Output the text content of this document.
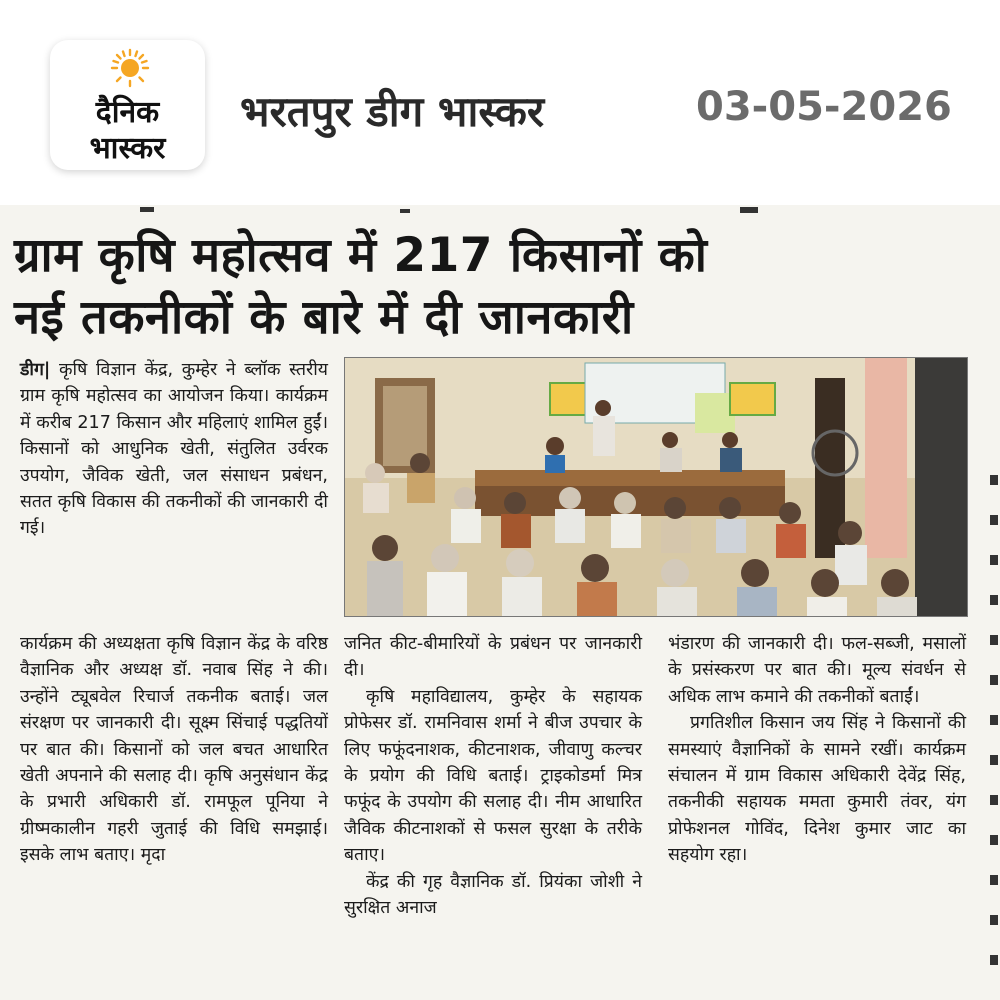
दैनिक
भास्कर
भरतपुर डीग भास्कर	03-05-2026
ग्राम कृषि महोत्सव में 217 किसानों को
नई तकनीकों के बारे में दी जानकारी

डीग| कृषि विज्ञान केंद्र, कुम्हेर ने ब्लॉक स्तरीय ग्राम कृषि महोत्सव का आयोजन किया। कार्यक्रम में करीब 217 किसान और महिलाएं शामिल हुईं। किसानों को आधुनिक खेती, संतुलित उर्वरक उपयोग, जैविक खेती, जल संसाधन प्रबंधन, सतत कृषि विकास की तकनीकों की जानकारी दी गई।

कार्यक्रम की अध्यक्षता कृषि विज्ञान केंद्र के वरिष्ठ वैज्ञानिक और अध्यक्ष डॉ. नवाब सिंह ने की। उन्होंने ट्यूबवेल रिचार्ज तकनीक बताई। जल संरक्षण पर जानकारी दी। सूक्ष्म सिंचाई पद्धतियों पर बात की। किसानों को जल बचत आधारित खेती अपनाने की सलाह दी। कृषि अनुसंधान केंद्र के प्रभारी अधिकारी डॉ. रामफूल पूनिया ने ग्रीष्मकालीन गहरी जुताई की विधि समझाई। इसके लाभ बताए। मृदा

जनित कीट-बीमारियों के प्रबंधन पर जानकारी दी।

कृषि महाविद्यालय, कुम्हेर के सहायक प्रोफेसर डॉ. रामनिवास शर्मा ने बीज उपचार के लिए फफूंदनाशक, कीटनाशक, जीवाणु कल्चर के प्रयोग की विधि बताई। ट्राइकोडर्मा मित्र फफूंद के उपयोग की सलाह दी। नीम आधारित जैविक कीटनाशकों से फसल सुरक्षा के तरीके बताए।

केंद्र की गृह वैज्ञानिक डॉ. प्रियंका जोशी ने सुरक्षित अनाज

भंडारण की जानकारी दी। फल-सब्जी, मसालों के प्रसंस्करण पर बात की। मूल्य संवर्धन से अधिक लाभ कमाने की तकनीकों बताईं।

प्रगतिशील किसान जय सिंह ने किसानों की समस्याएं वैज्ञानिकों के सामने रखीं। कार्यक्रम संचालन में ग्राम विकास अधिकारी देवेंद्र सिंह, तकनीकी सहायक ममता कुमारी तंवर, यंग प्रोफेशनल गोविंद, दिनेश कुमार जाट का सहयोग रहा।
